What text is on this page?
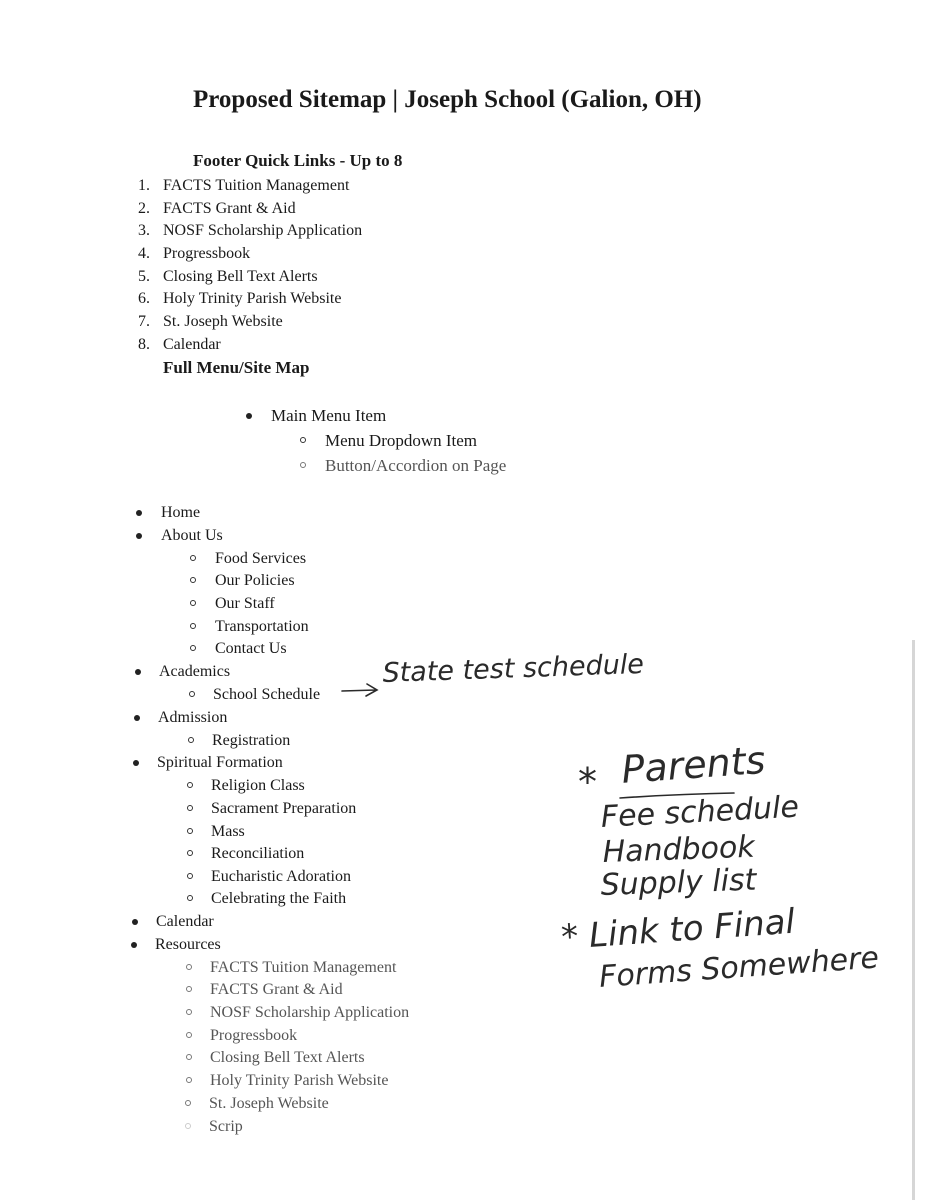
Proposed Sitemap | Joseph School (Galion, OH)
Footer Quick Links - Up to 8
1. FACTS Tuition Management
2. FACTS Grant & Aid
3. NOSF Scholarship Application
4. Progressbook
5. Closing Bell Text Alerts
6. Holy Trinity Parish Website
7. St. Joseph Website
8. Calendar
Full Menu/Site Map
Main Menu Item
Menu Dropdown Item
Button/Accordion on Page
Home
About Us
Food Services
Our Policies
Our Staff
Transportation
Contact Us
Academics
School Schedule
Admission
Registration
Spiritual Formation
Religion Class
Sacrament Preparation
Mass
Reconciliation
Eucharistic Adoration
Celebrating the Faith
Calendar
Resources
FACTS Tuition Management
FACTS Grant & Aid
NOSF Scholarship Application
Progressbook
Closing Bell Text Alerts
Holy Trinity Parish Website
St. Joseph Website
Scrip
State test schedule
* Parents
Fee schedule
Handbook
Supply list
* Link to Final
Forms Somewhere
